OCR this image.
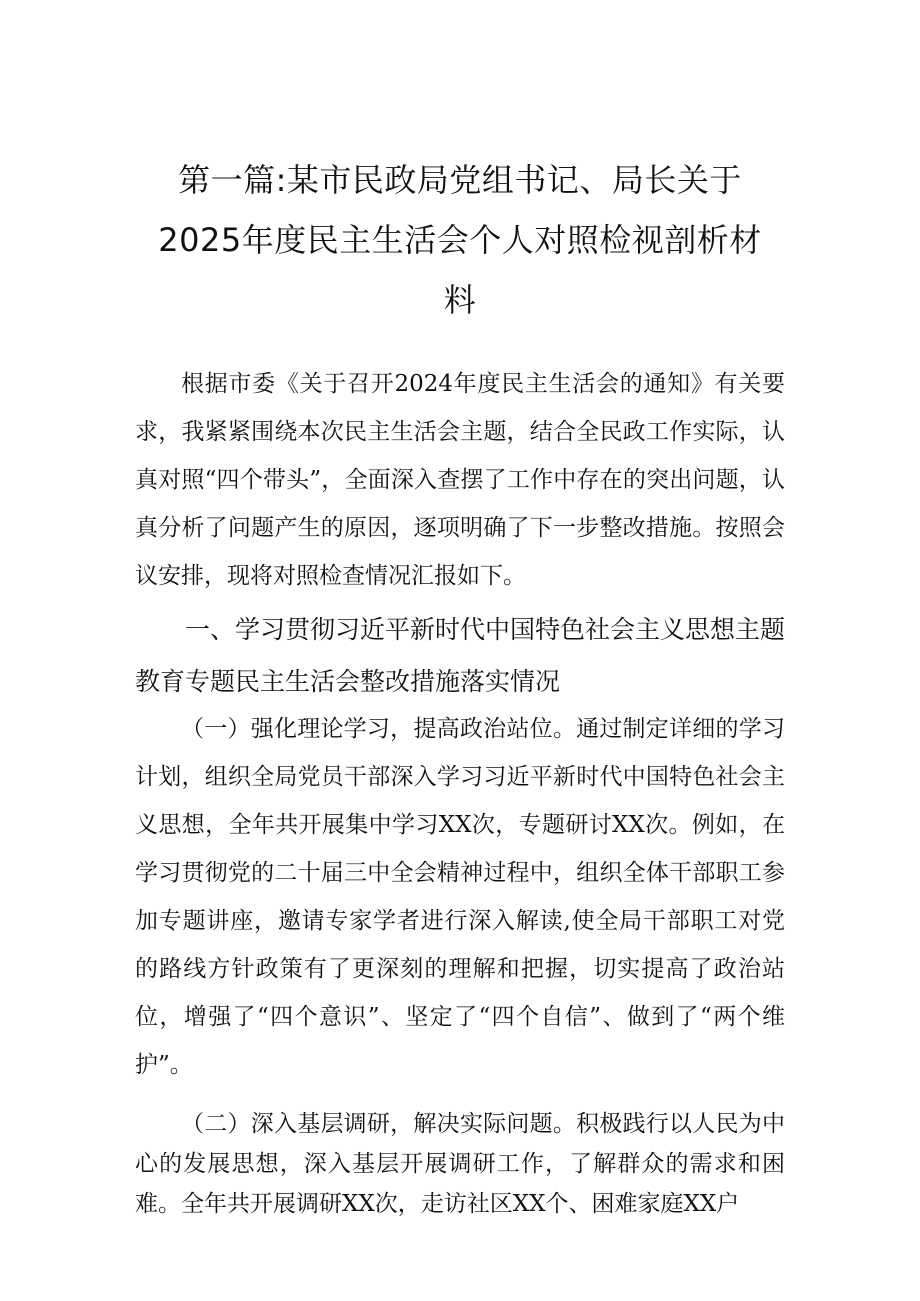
第一篇:某市民政局党组书记、局长关于
2025年度民主生活会个人对照检视剖析材
料

根据市委《关于召开2024年度民主生活会的通知》有关要求，我紧紧围绕本次民主生活会主题，结合全民政工作实际，认真对照“四个带头”，全面深入查摆了工作中存在的突出问题，认真分析了问题产生的原因，逐项明确了下一步整改措施。按照会议安排，现将对照检查情况汇报如下。

一、学习贯彻习近平新时代中国特色社会主义思想主题教育专题民主生活会整改措施落实情况

（一）强化理论学习，提高政治站位。通过制定详细的学习计划，组织全局党员干部深入学习习近平新时代中国特色社会主义思想，全年共开展集中学习XX次，专题研讨XX次。例如，在学习贯彻党的二十届三中全会精神过程中，组织全体干部职工参加专题讲座，邀请专家学者进行深入解读,使全局干部职工对党的路线方针政策有了更深刻的理解和把握，切实提高了政治站位，增强了“四个意识”、坚定了“四个自信”、做到了“两个维护”。

（二）深入基层调研，解决实际问题。积极践行以人民为中心的发展思想，深入基层开展调研工作，了解群众的需求和困难。全年共开展调研XX次，走访社区XX个、困难家庭XX户
